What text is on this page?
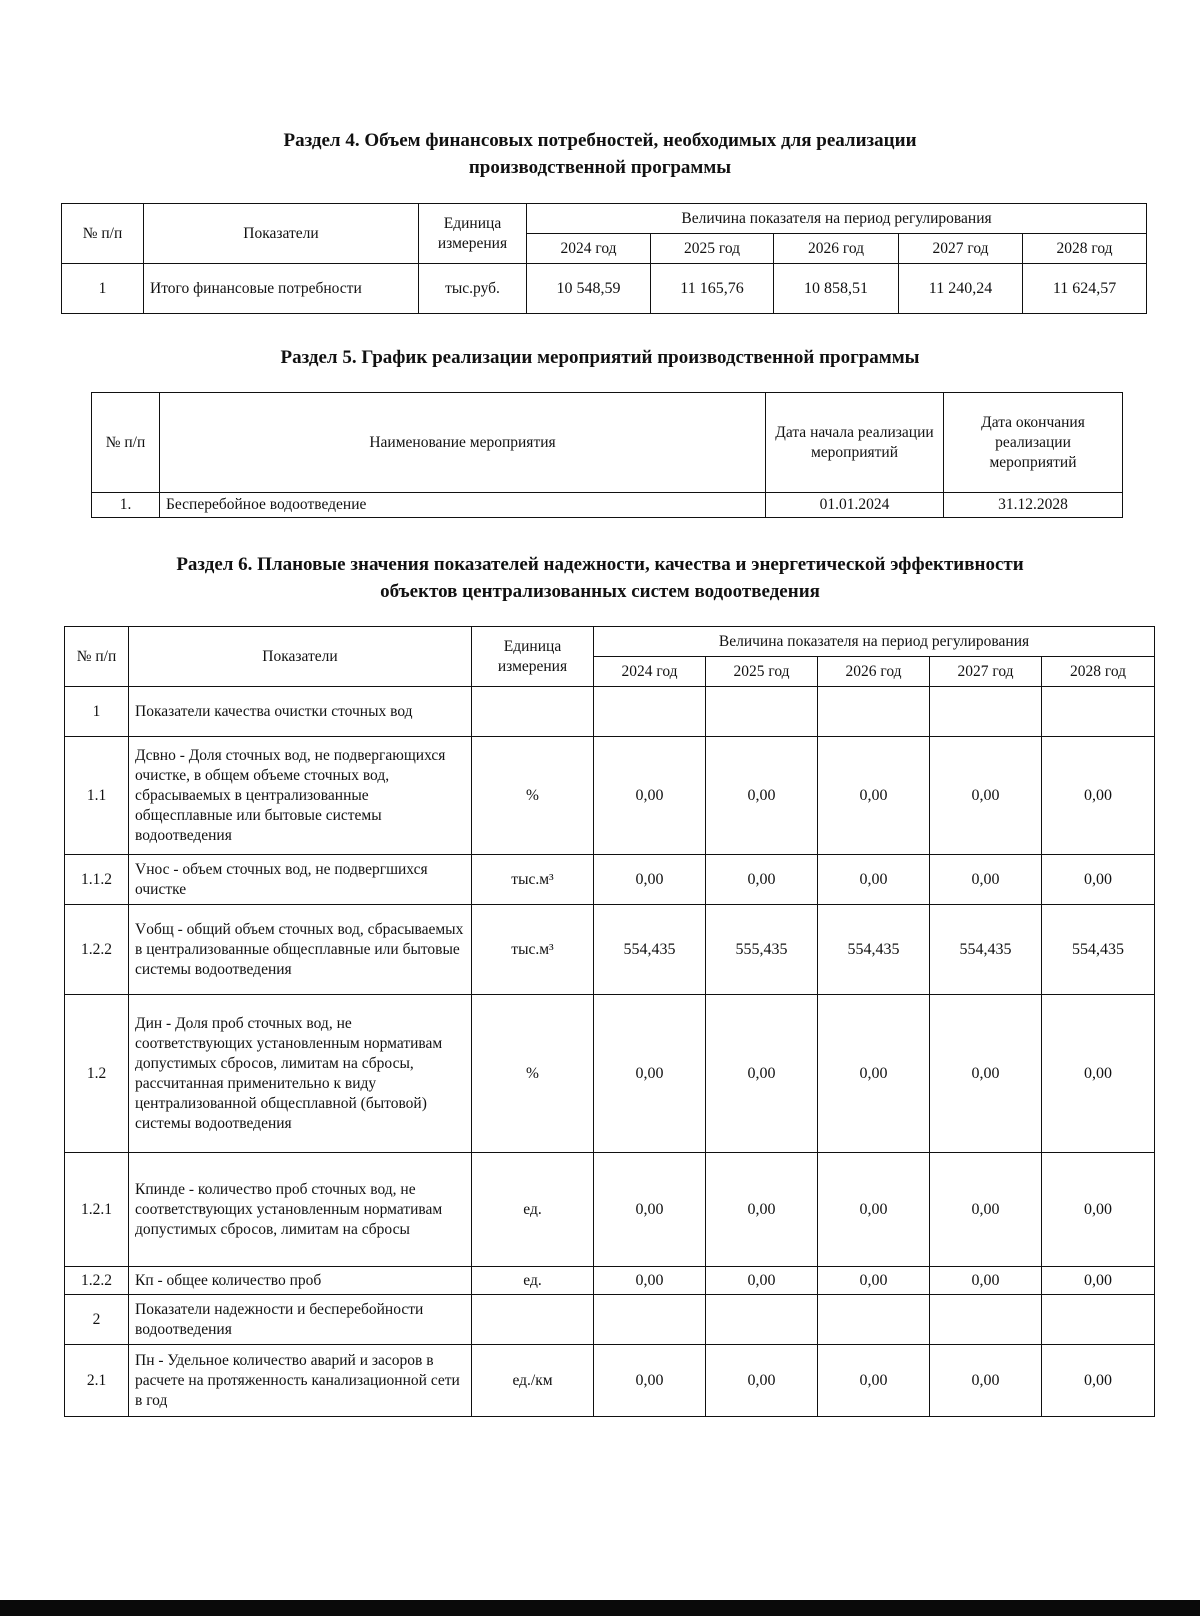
Раздел 4. Объем финансовых потребностей, необходимых для реализации
производственной программы
№ п/п	Показатели	Единица измерения	Величина показателя на период регулирования				
			2024 год	2025 год	2026 год	2027 год	2028 год
1	Итого финансовые потребности	тыс.руб.	10 548,59	11 165,76	10 858,51	11 240,24	11 624,57
Раздел 5. График реализации мероприятий производственной программы
№ п/п	Наименование мероприятия	Дата начала реализации мероприятий	Дата окончания реализации мероприятий
1.	Бесперебойное водоотведение	01.01.2024	31.12.2028
Раздел 6. Плановые значения показателей надежности, качества и энергетической эффективности
объектов централизованных систем водоотведения
№ п/п	Показатели	Единица измерения	Величина показателя на период регулирования				
			2024 год	2025 год	2026 год	2027 год	2028 год
1	Показатели качества очистки сточных вод						
1.1	Дсвно - Доля сточных вод, не подвергающихся очистке, в общем объеме сточных вод, сбрасываемых в централизованные общесплавные или бытовые системы водоотведения	%	0,00	0,00	0,00	0,00	0,00
1.1.2	Vнос - объем сточных вод, не подвергшихся очистке	тыс.м³	0,00	0,00	0,00	0,00	0,00
1.2.2	Vобщ - общий объем сточных вод, сбрасываемых в централизованные общесплавные или бытовые системы водоотведения	тыс.м³	554,435	555,435	554,435	554,435	554,435
1.2	Дин - Доля проб сточных вод, не соответствующих установленным нормативам допустимых сбросов, лимитам на сбросы, рассчитанная применительно к виду централизованной общесплавной (бытовой) системы водоотведения	%	0,00	0,00	0,00	0,00	0,00
1.2.1	Кпинде - количество проб сточных вод, не соответствующих установленным нормативам допустимых сбросов, лимитам на сбросы	ед.	0,00	0,00	0,00	0,00	0,00
1.2.2	Кп - общее количество проб	ед.	0,00	0,00	0,00	0,00	0,00
2	Показатели надежности и бесперебойности водоотведения						
2.1	Пн - Удельное количество аварий и засоров в расчете на протяженность канализационной сети в год	ед./км	0,00	0,00	0,00	0,00	0,00
